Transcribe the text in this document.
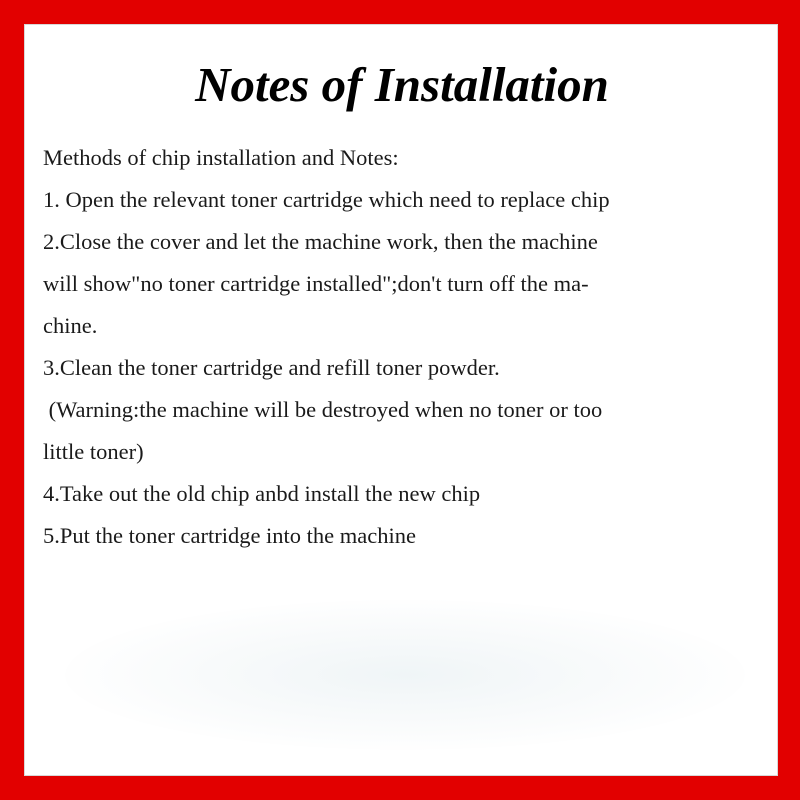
Notes of Installation
Methods of chip installation and Notes:
1. Open the relevant toner cartridge which need to replace chip
2.Close the cover and let the machine work, then the machine
will show"no toner cartridge installed";don't turn off the ma-
chine.
3.Clean the toner cartridge and refill toner powder.
(Warning:the machine will be destroyed when no toner or too
little toner)
4.Take out the old chip anbd install the new chip
5.Put the toner cartridge into the machine
